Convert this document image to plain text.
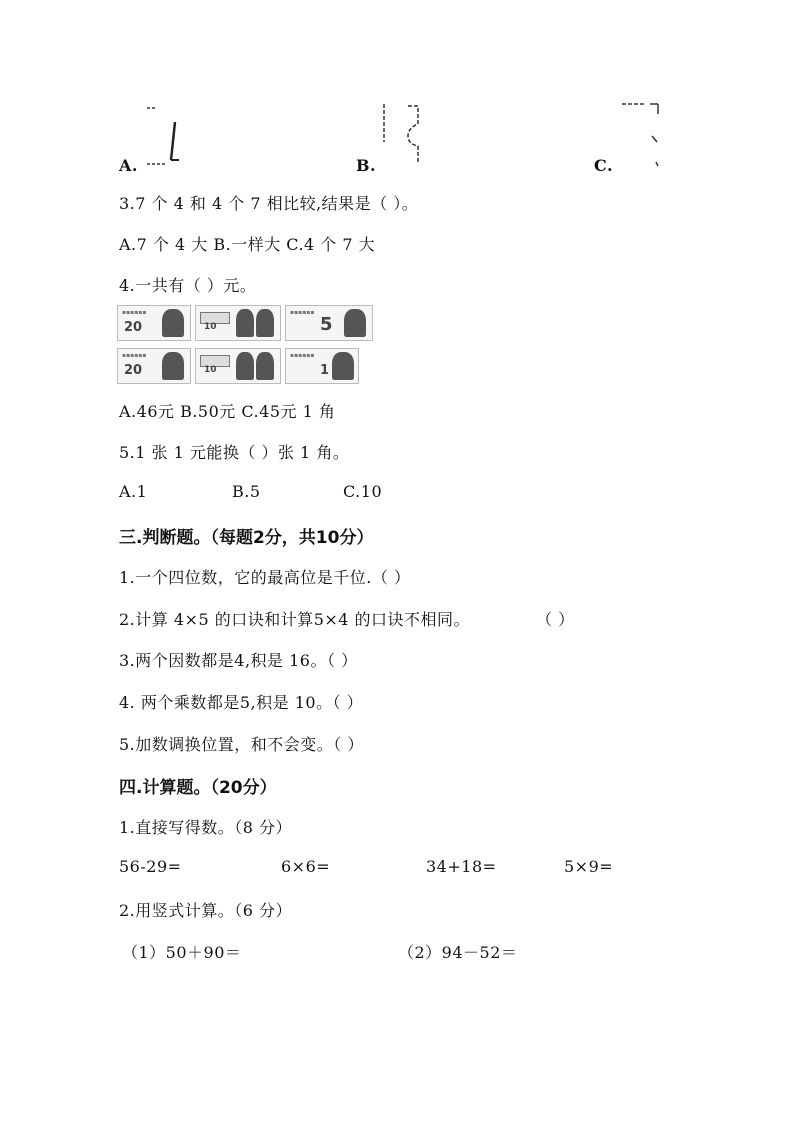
A.	B.	C.
3.7 个 4 和 4 个 7 相比较,结果是（ ）。
A.7 个 4 大 B.一样大 C.4 个 7 大
4.一共有（ ）元。
▪▪▪▪▪▪
20	10
▪▪▪▪▪▪
5
▪▪▪▪▪▪
20	10
▪▪▪▪▪▪
1
A.46元 B.50元 C.45元 1 角
5.1 张 1 元能换（ ）张 1 角。
A.1	B.5	C.10
三.判断题。（每题2分，共10分）
1.一个四位数，它的最高位是千位.（ ）
2.计算 4×5 的口诀和计算5×4 的口诀不相同。	（ ）
3.两个因数都是4,积是 16。（ ）
4. 两个乘数都是5,积是 10。（ ）
5.加数调换位置，和不会变。（ ）
四.计算题。（20分）
1.直接写得数。（8 分）
56-29=	6×6=	34+18=	5×9=
2.用竖式计算。（6 分）
（1）50＋90＝	（2）94－52＝
